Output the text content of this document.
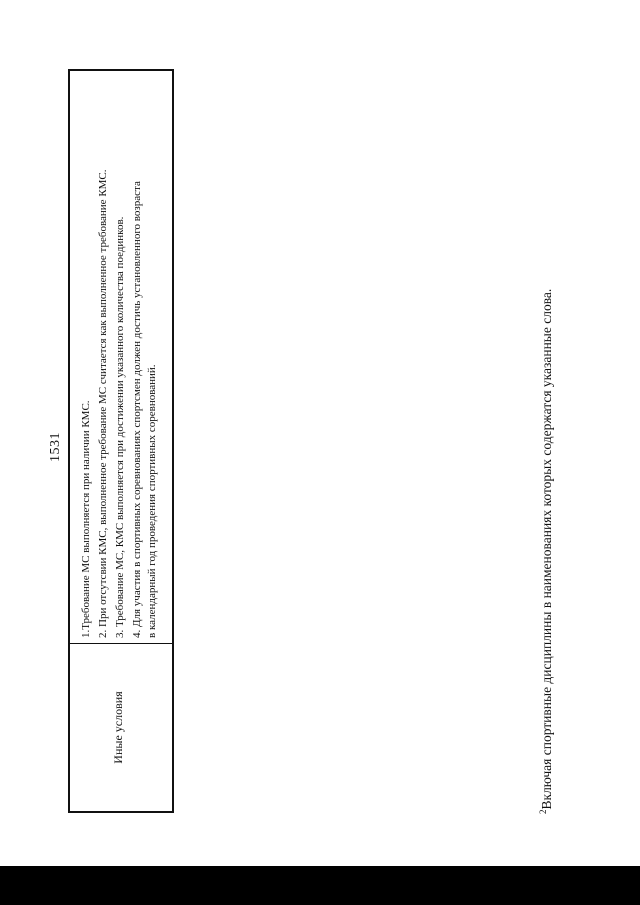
1531
Иные условия
1.Требование МС выполняется при наличии КМС. 2. При отсутсвии КМС, выполненное требование МС считается как выполненное требование КМС. 3. Требование МС, КМС выполняется при достижении указанного количества поединков. 4. Для участия в спортивных соревнованиях спортсмен должен достичь установленного возраста в календарный год проведения спортивных соревнований.
$^2$Включая спортивные дисциплины в наименованиях которых содержатся указанные слова.
